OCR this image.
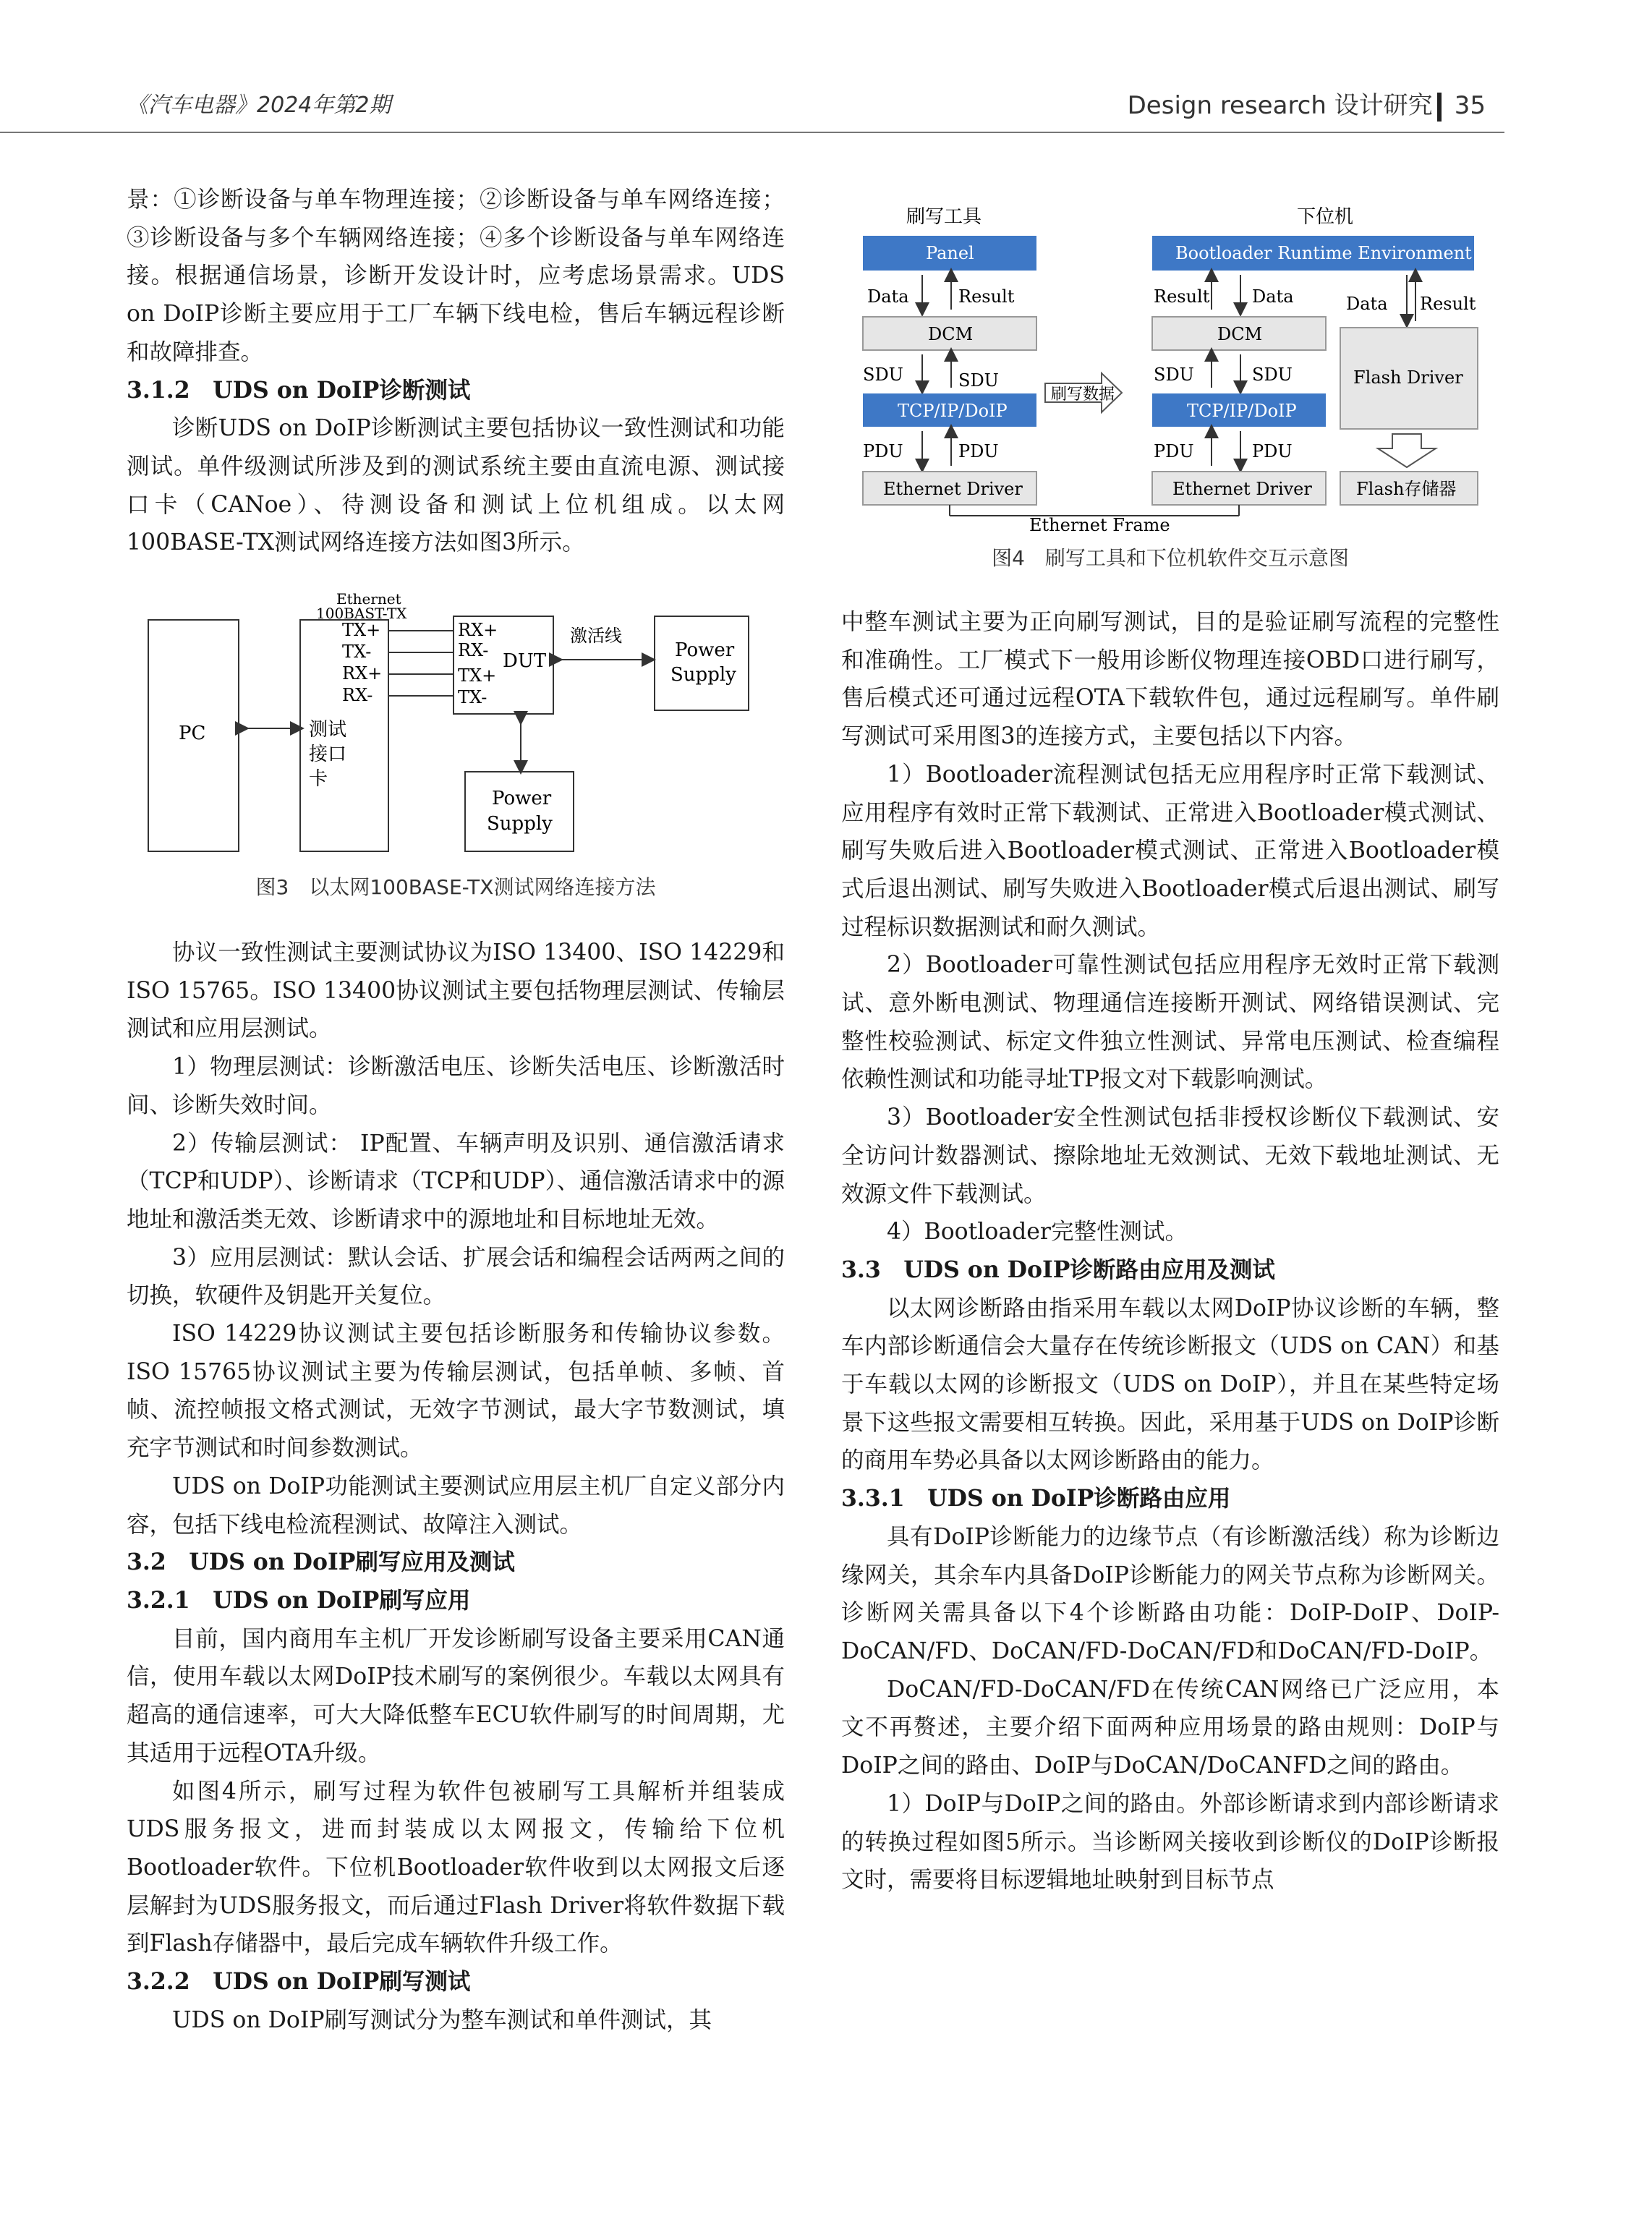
《汽车电器》2024年第2期	Design research 设计研究 35

景：①诊断设备与单车物理连接；②诊断设备与单车网络连接；③诊断设备与多个车辆网络连接；④多个诊断设备与单车网络连接。根据通信场景，诊断开发设计时，应考虑场景需求。UDS on DoIP诊断主要应用于工厂车辆下线电检，售后车辆远程诊断和故障排查。

3.1.2　UDS on DoIP诊断测试

诊断UDS on DoIP诊断测试主要包括协议一致性测试和功能测试。单件级测试所涉及到的测试系统主要由直流电源、测试接口卡（CANoe）、待测设备和测试上位机组成。以太网100BASE-TX测试网络连接方法如图3所示。

PC
Ethernet
100BAST-TX
TX+
TX-
RX+
RX-
测试
接口
卡
RX+
RX- DUT
TX+
TX-
激活线
Power
Supply
Power
Supply
图3　以太网100BASE-TX测试网络连接方法

协议一致性测试主要测试协议为ISO 13400、ISO 14229和ISO 15765。ISO 13400协议测试主要包括物理层测试、传输层测试和应用层测试。

1）物理层测试：诊断激活电压、诊断失活电压、诊断激活时间、诊断失效时间。

2）传输层测试： IP配置、车辆声明及识别、通信激活请求（TCP和UDP）、诊断请求（TCP和UDP）、通信激活请求中的源地址和激活类无效、诊断请求中的源地址和目标地址无效。

3）应用层测试：默认会话、扩展会话和编程会话两两之间的切换，软硬件及钥匙开关复位。

ISO 14229协议测试主要包括诊断服务和传输协议参数。ISO 15765协议测试主要为传输层测试，包括单帧、多帧、首帧、流控帧报文格式测试，无效字节测试，最大字节数测试，填充字节测试和时间参数测试。

UDS on DoIP功能测试主要测试应用层主机厂自定义部分内容，包括下线电检流程测试、故障注入测试。

3.2　UDS on DoIP刷写应用及测试

3.2.1　UDS on DoIP刷写应用

目前，国内商用车主机厂开发诊断刷写设备主要采用CAN通信，使用车载以太网DoIP技术刷写的案例很少。车载以太网具有超高的通信速率，可大大降低整车ECU软件刷写的时间周期，尤其适用于远程OTA升级。

如图4所示，刷写过程为软件包被刷写工具解析并组装成UDS服务报文，进而封装成以太网报文，传输给下位机Bootloader软件。下位机Bootloader软件收到以太网报文后逐层解封为UDS服务报文，而后通过Flash Driver将软件数据下载到Flash存储器中，最后完成车辆软件升级工作。

3.2.2　UDS on DoIP刷写测试

UDS on DoIP刷写测试分为整车测试和单件测试，其

刷写工具	下位机
Panel
Data	Result
DCM
SDU	SDU
TCP/IP/DoIP
PDU	PDU
Ethernet Driver
刷写数据
Bootloader Runtime Environment
Result Data
DCM
SDU	SDU
TCP/IP/DoIP
PDU	PDU
Ethernet Driver
Data Result
Flash Driver
Flash存储器
Ethernet Frame
图4　刷写工具和下位机软件交互示意图

中整车测试主要为正向刷写测试，目的是验证刷写流程的完整性和准确性。工厂模式下一般用诊断仪物理连接OBD口进行刷写，售后模式还可通过远程OTA下载软件包，通过远程刷写。单件刷写测试可采用图3的连接方式，主要包括以下内容。

1）Bootloader流程测试包括无应用程序时正常下载测试、应用程序有效时正常下载测试、正常进入Bootloader模式测试、刷写失败后进入Bootloader模式测试、正常进入Bootloader模式后退出测试、刷写失败进入Bootloader模式后退出测试、刷写过程标识数据测试和耐久测试。

2）Bootloader可靠性测试包括应用程序无效时正常下载测试、意外断电测试、物理通信连接断开测试、网络错误测试、完整性校验测试、标定文件独立性测试、异常电压测试、检查编程依赖性测试和功能寻址TP报文对下载影响测试。

3）Bootloader安全性测试包括非授权诊断仪下载测试、安全访问计数器测试、擦除地址无效测试、无效下载地址测试、无效源文件下载测试。

4）Bootloader完整性测试。

3.3　UDS on DoIP诊断路由应用及测试

以太网诊断路由指采用车载以太网DoIP协议诊断的车辆，整车内部诊断通信会大量存在传统诊断报文（UDS on CAN）和基于车载以太网的诊断报文（UDS on DoIP），并且在某些特定场景下这些报文需要相互转换。因此，采用基于UDS on DoIP诊断的商用车势必具备以太网诊断路由的能力。

3.3.1　UDS on DoIP诊断路由应用

具有DoIP诊断能力的边缘节点（有诊断激活线）称为诊断边缘网关，其余车内具备DoIP诊断能力的网关节点称为诊断网关。诊断网关需具备以下4个诊断路由功能：DoIP-DoIP、DoIP-DoCAN/FD、DoCAN/FD-DoCAN/FD和DoCAN/FD-DoIP。

DoCAN/FD-DoCAN/FD在传统CAN网络已广泛应用，本文不再赘述，主要介绍下面两种应用场景的路由规则：DoIP与DoIP之间的路由、DoIP与DoCAN/DoCANFD之间的路由。

1）DoIP与DoIP之间的路由。外部诊断请求到内部诊断请求的转换过程如图5所示。当诊断网关接收到诊断仪的DoIP诊断报文时，需要将目标逻辑地址映射到目标节点
